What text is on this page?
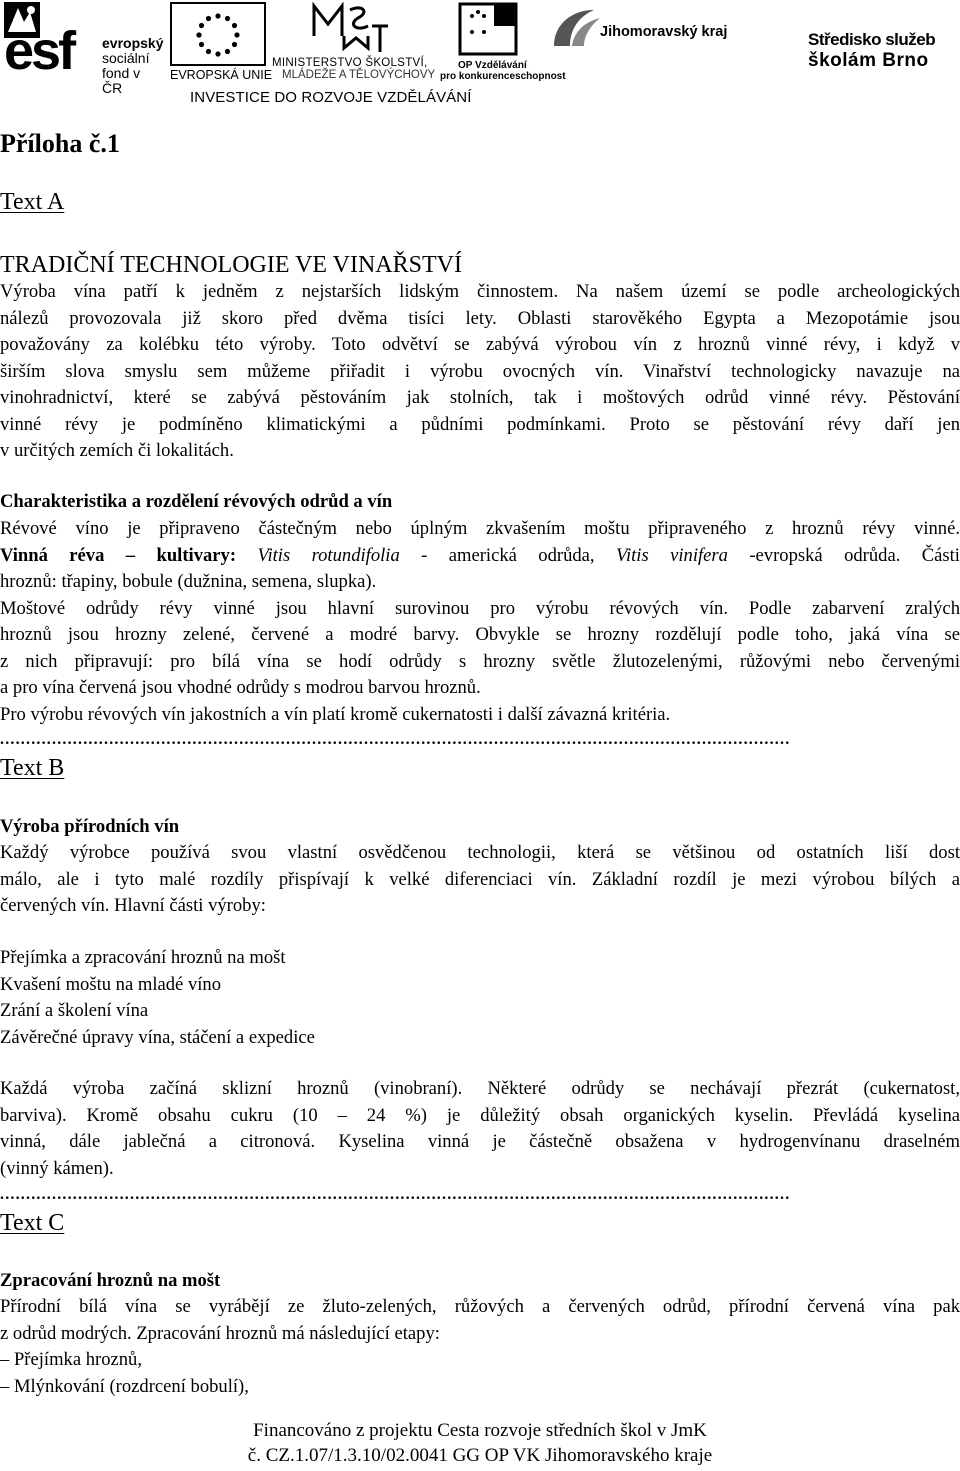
esf evropský
sociální
fond v ČR
EVROPSKÁ UNIE
MINISTERSTVO ŠKOLSTVÍ,
MLÁDEŽE A TĚLOVÝCHOVY
OP Vzdělávání
pro konkurenceschopnost
Jihomoravský kraj	Středisko služeb
školám Brno
INVESTICE DO ROZVOJE VZDĚLÁVÁNÍ
Příloha č.1
Text A
TRADIČNÍ TECHNOLOGIE VE VINAŘSTVÍ
Výroba vína patří k jedněm z nejstarších lidským činnostem. Na našem území se podle archeologických
nálezů provozovala již skoro před dvěma tisíci lety. Oblasti starověkého Egypta a Mezopotámie jsou
považovány za kolébku této výroby. Toto odvětví se zabývá výrobou vín z hroznů vinné révy, i když v
širším slova smyslu sem můžeme přiřadit i výrobu ovocných vín. Vinařství technologicky navazuje na
vinohradnictví, které se zabývá pěstováním jak stolních, tak i moštových odrůd vinné révy. Pěstování
vinné révy je podmíněno klimatickými a půdními podmínkami. Proto se pěstování révy daří jen
v určitých zemích či lokalitách.
Charakteristika a rozdělení révových odrůd a vín
Révové víno je připraveno částečným nebo úplným zkvašením moštu připraveného z hroznů révy vinné.
Vinná réva – kultivary: Vitis rotundifolia - americká odrůda, Vitis vinifera -evropská odrůda. Části
hroznů: třapiny, bobule (dužnina, semena, slupka).
Moštové odrůdy révy vinné jsou hlavní surovinou pro výrobu révových vín. Podle zabarvení zralých
hroznů jsou hrozny zelené, červené a modré barvy. Obvykle se hrozny rozdělují podle toho, jaká vína se
z nich připravují: pro bílá vína se hodí odrůdy s hrozny světle žlutozelenými, růžovými nebo červenými
a pro vína červená jsou vhodné odrůdy s modrou barvou hroznů.
Pro výrobu révových vín jakostních a vín platí kromě cukernatosti i další závazná kritéria.
........................................................................................................................................................
Text B
Výroba přírodních vín
Každý výrobce používá svou vlastní osvědčenou technologii, která se většinou od ostatních liší dost
málo, ale i tyto malé rozdíly přispívají k velké diferenciaci vín. Základní rozdíl je mezi výrobou bílých a
červených vín. Hlavní části výroby:
Přejímka a zpracování hroznů na mošt
Kvašení moštu na mladé víno
Zrání a školení vína
Závěrečné úpravy vína, stáčení a expedice
Každá výroba začíná sklizní hroznů (vinobraní). Některé odrůdy se nechávají přezrát (cukernatost,
barviva). Kromě obsahu cukru (10 – 24 %) je důležitý obsah organických kyselin. Převládá kyselina
vinná, dále jablečná a citronová. Kyselina vinná je částečně obsažena v hydrogenvínanu draselném
(vinný kámen).
........................................................................................................................................................
Text C
Zpracování hroznů na mošt
Přírodní bílá vína se vyrábějí ze žluto-zelených, růžových a červených odrůd, přírodní červená vína pak
z odrůd modrých. Zpracování hroznů má následující etapy:
– Přejímka hroznů,
– Mlýnkování (rozdrcení bobulí),
Financováno z projektu Cesta rozvoje středních škol v JmK
č. CZ.1.07/1.3.10/02.0041 GG OP VK Jihomoravského kraje
